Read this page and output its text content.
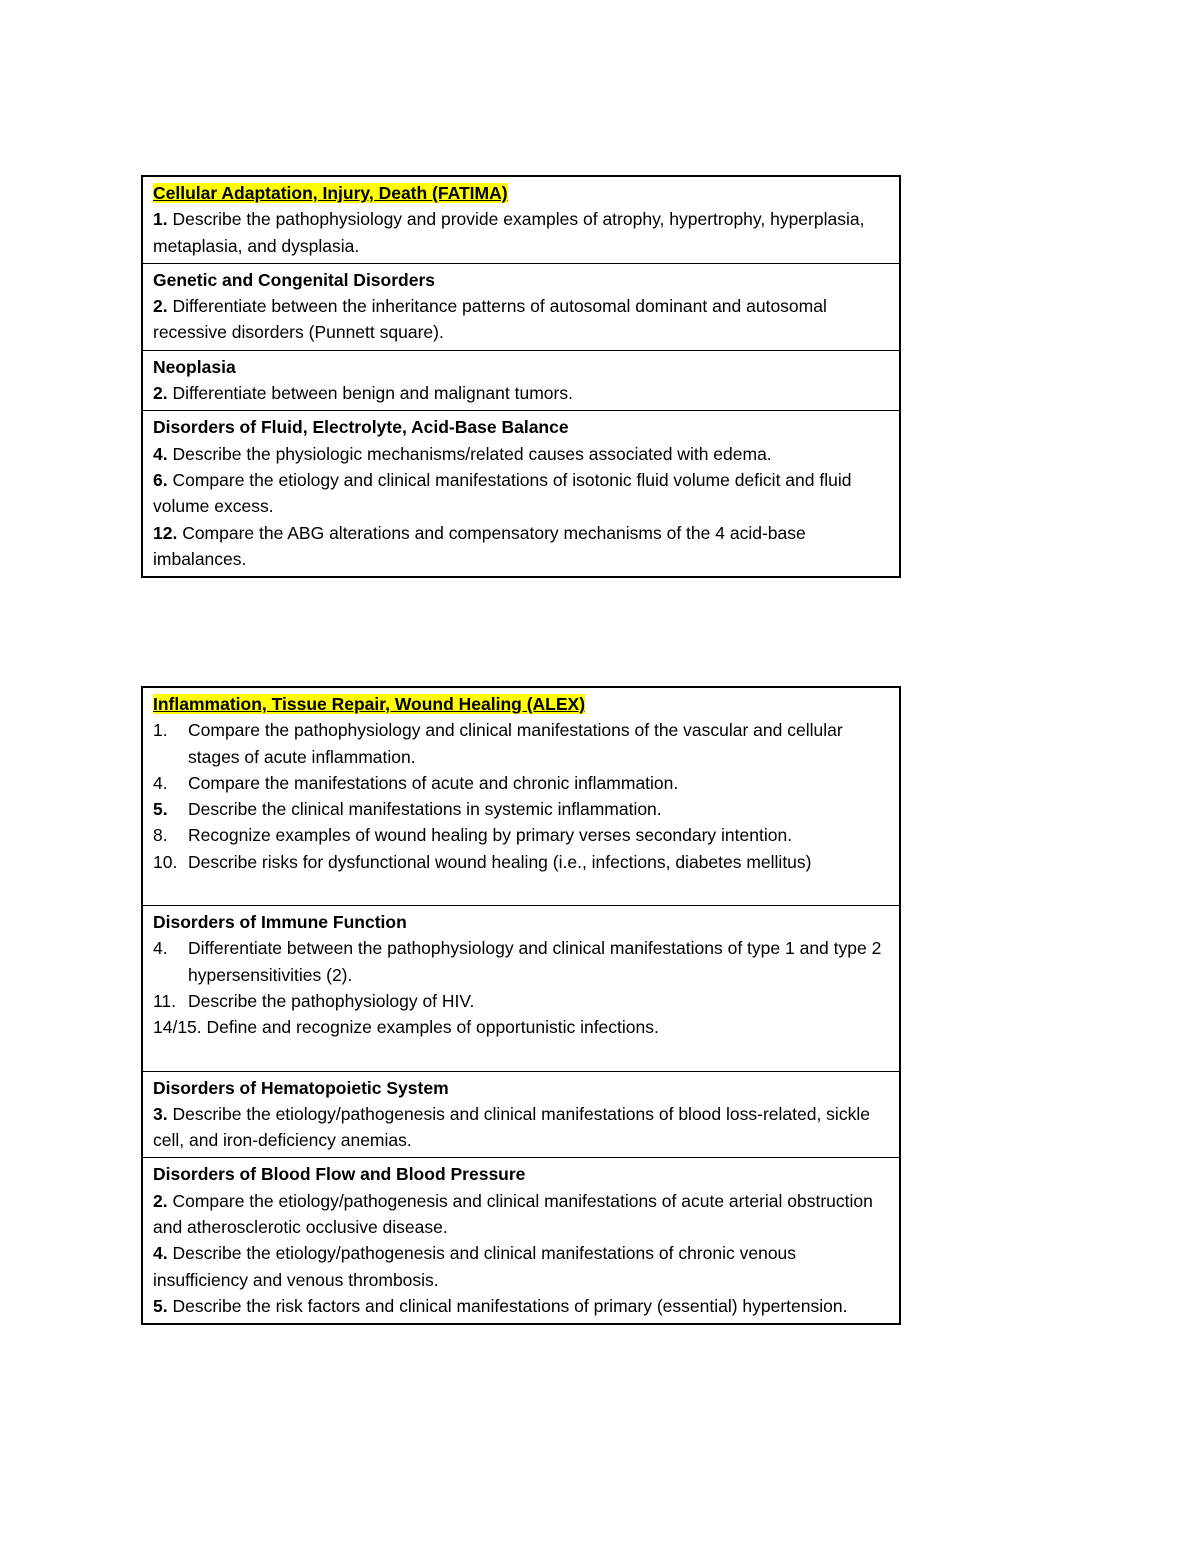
Cellular Adaptation, Injury, Death (FATIMA)
1. Describe the pathophysiology and provide examples of atrophy, hypertrophy, hyperplasia, metaplasia, and dysplasia.
Genetic and Congenital Disorders
2. Differentiate between the inheritance patterns of autosomal dominant and autosomal recessive disorders (Punnett square).
Neoplasia
2. Differentiate between benign and malignant tumors.
Disorders of Fluid, Electrolyte, Acid-Base Balance
4. Describe the physiologic mechanisms/related causes associated with edema.
6. Compare the etiology and clinical manifestations of isotonic fluid volume deficit and fluid volume excess.
12. Compare the ABG alterations and compensatory mechanisms of the 4 acid-base imbalances.
Inflammation, Tissue Repair, Wound Healing (ALEX)
1.	Compare the pathophysiology and clinical manifestations of the vascular and cellular stages of acute inflammation.
4.	Compare the manifestations of acute and chronic inflammation.
5.	Describe the clinical manifestations in systemic inflammation.
8.	Recognize examples of wound healing by primary verses secondary intention.
10. Describe risks for dysfunctional wound healing (i.e., infections, diabetes mellitus)
Disorders of Immune Function
4.	Differentiate between the pathophysiology and clinical manifestations of type 1 and type 2 hypersensitivities (2).
11. Describe the pathophysiology of HIV.
14/15. Define and recognize examples of opportunistic infections.
Disorders of Hematopoietic System
3. Describe the etiology/pathogenesis and clinical manifestations of blood loss-related, sickle cell, and iron-deficiency anemias.
Disorders of Blood Flow and Blood Pressure
2. Compare the etiology/pathogenesis and clinical manifestations of acute arterial obstruction and atherosclerotic occlusive disease.
4. Describe the etiology/pathogenesis and clinical manifestations of chronic venous insufficiency and venous thrombosis.
5. Describe the risk factors and clinical manifestations of primary (essential) hypertension.
